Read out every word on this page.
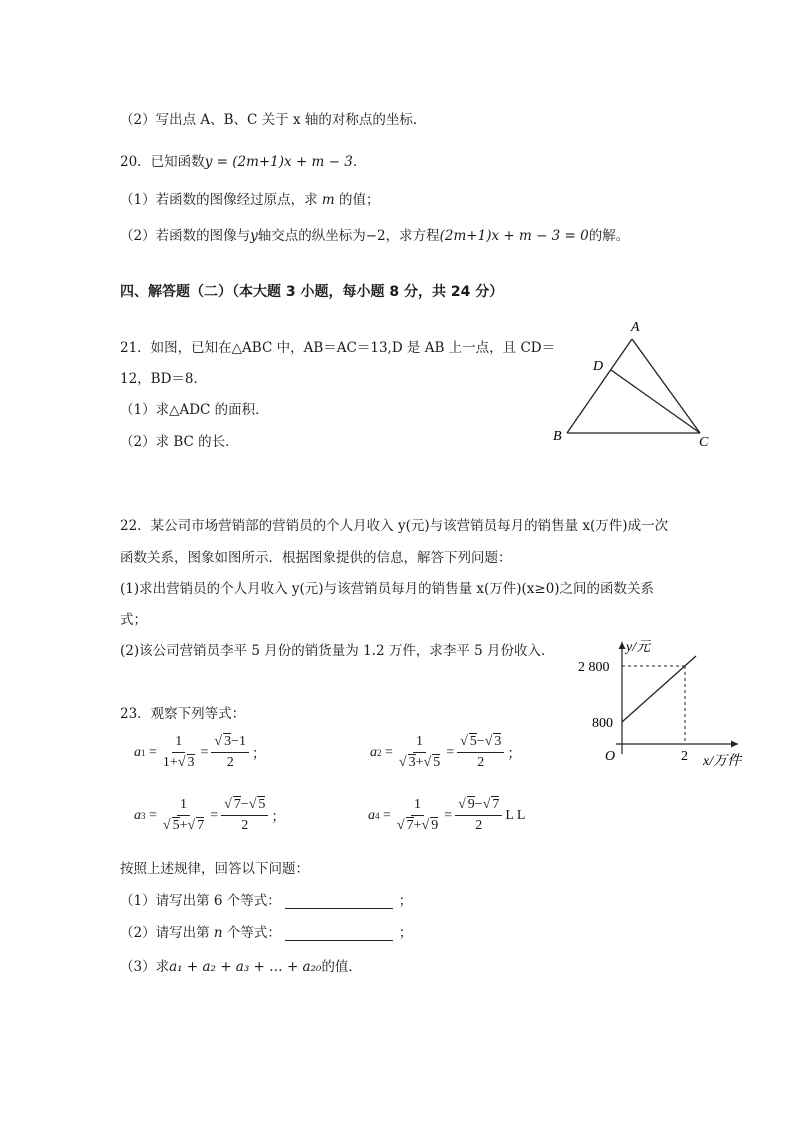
（2）写出点 A、B、C 关于 x 轴的对称点的坐标.
20．已知函数y = (2m+1)x + m − 3．
（1）若函数的图像经过原点，求 m 的值；
（2）若函数的图像与y轴交点的纵坐标为−2，求方程(2m+1)x + m − 3 = 0的解。
四、解答题（二）（本大题 3 小题，每小题 8 分，共 24 分）
21．如图，已知在△ABC 中，AB＝AC＝13,D 是 AB 上一点，且 CD＝
12，BD＝8．
（1）求△ADC 的面积．
（2）求 BC 的长．
A
D
B	C
22．某公司市场营销部的营销员的个人月收入 y(元)与该营销员每月的销售量 x(万件)成一次
函数关系，图象如图所示．根据图象提供的信息，解答下列问题：
(1)求出营销员的个人月收入 y(元)与该营销员每月的销售量 x(万件)(x≥0)之间的函数关系
式；
(2)该公司营销员李平 5 月份的销货量为 1.2 万件，求李平 5 月份收入．	y/元
x/万件
O
2 800
800
2
23．观察下列等式：
a $1 = \frac{1}{1+√ 3} = \frac{√ 3-1}{2}$ ；	a $2 = \frac{1}{√ 3+√ 5} = \frac{√ 5-√ 3}{2}$ ；
a $3 = \frac{1}{√ 5+√ 7} = \frac{√ 7-√ 5}{2}$ ；	a $4 = \frac{1}{√ 7+√ 9} = \frac{√ 9-√ 7}{2}$ L L
按照上述规律，回答以下问题：
（1）请写出第 6 个等式：	；
（2）请写出第 n 个等式：	；
（3）求a₁ + a₂ + a₃ + … + a₂₀的值．
